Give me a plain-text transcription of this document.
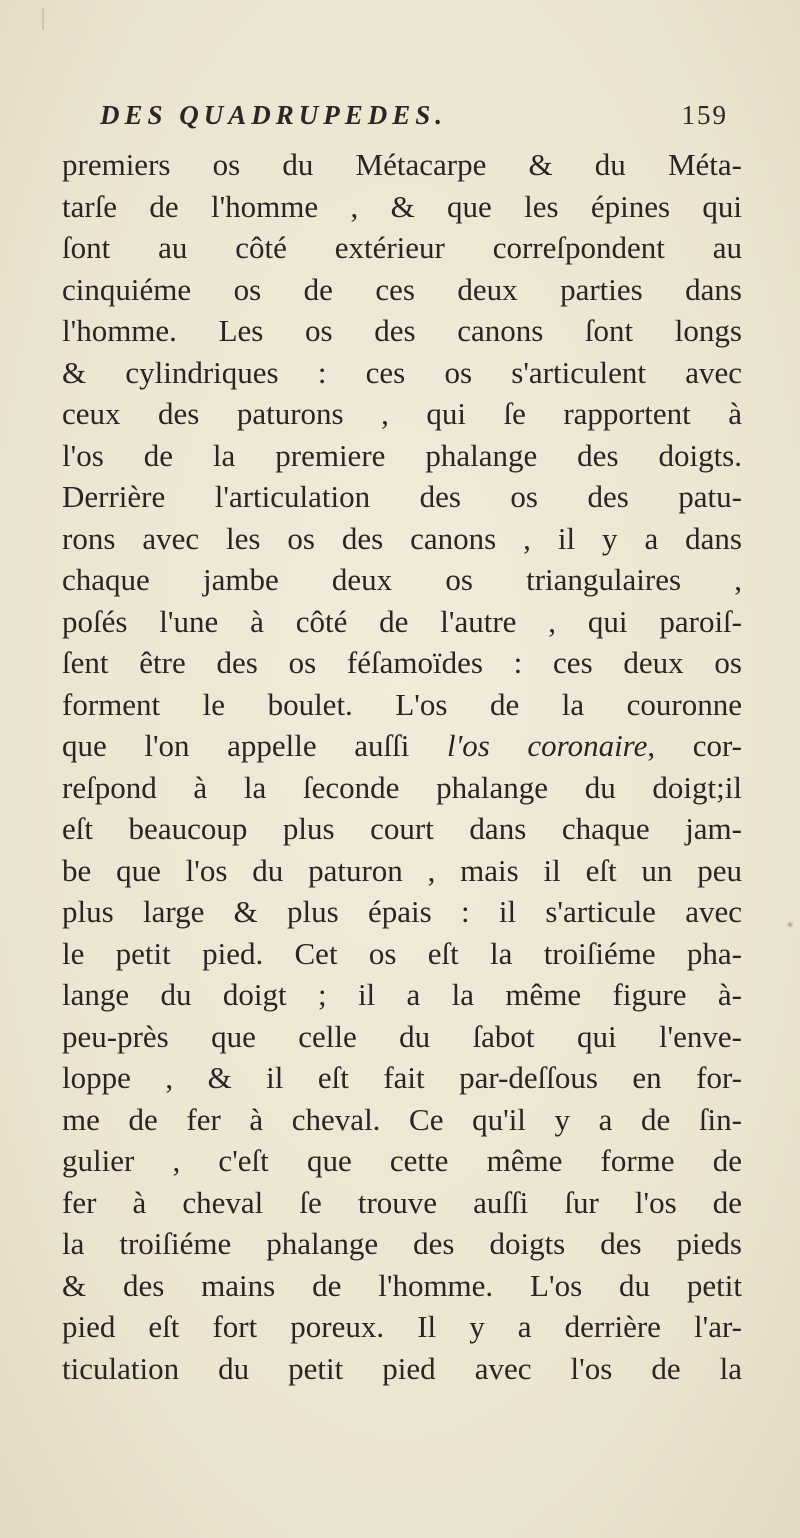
DES QUADRUPEDES.	159
premiers os du Métacarpe & du Méta-
tarſe de l'homme , & que les épines qui
ſont au côté extérieur correſpondent au
cinquiéme os de ces deux parties dans
l'homme. Les os des canons ſont longs
& cylindriques : ces os s'articulent avec
ceux des paturons , qui ſe rapportent à
l'os de la premiere phalange des doigts.
Derrière l'articulation des os des patu-
rons avec les os des canons , il y a dans
chaque jambe deux os triangulaires ,
poſés l'une à côté de l'autre , qui paroiſ-
ſent être des os féſamoïdes : ces deux os
forment le boulet. L'os de la couronne
que l'on appelle auſſi l'os coronaire, cor-
reſpond à la ſeconde phalange du doigt;il
eſt beaucoup plus court dans chaque jam-
be que l'os du paturon , mais il eſt un peu
plus large & plus épais : il s'articule avec
le petit pied. Cet os eſt la troiſiéme pha-
lange du doigt ; il a la même figure à-
peu-près que celle du ſabot qui l'enve-
loppe , & il eſt fait par-deſſous en for-
me de fer à cheval. Ce qu'il y a de ſin-
gulier , c'eſt que cette même forme de
fer à cheval ſe trouve auſſi ſur l'os de
la troiſiéme phalange des doigts des pieds
& des mains de l'homme. L'os du petit
pied eſt fort poreux. Il y a derrière l'ar-
ticulation du petit pied avec l'os de la
✶
